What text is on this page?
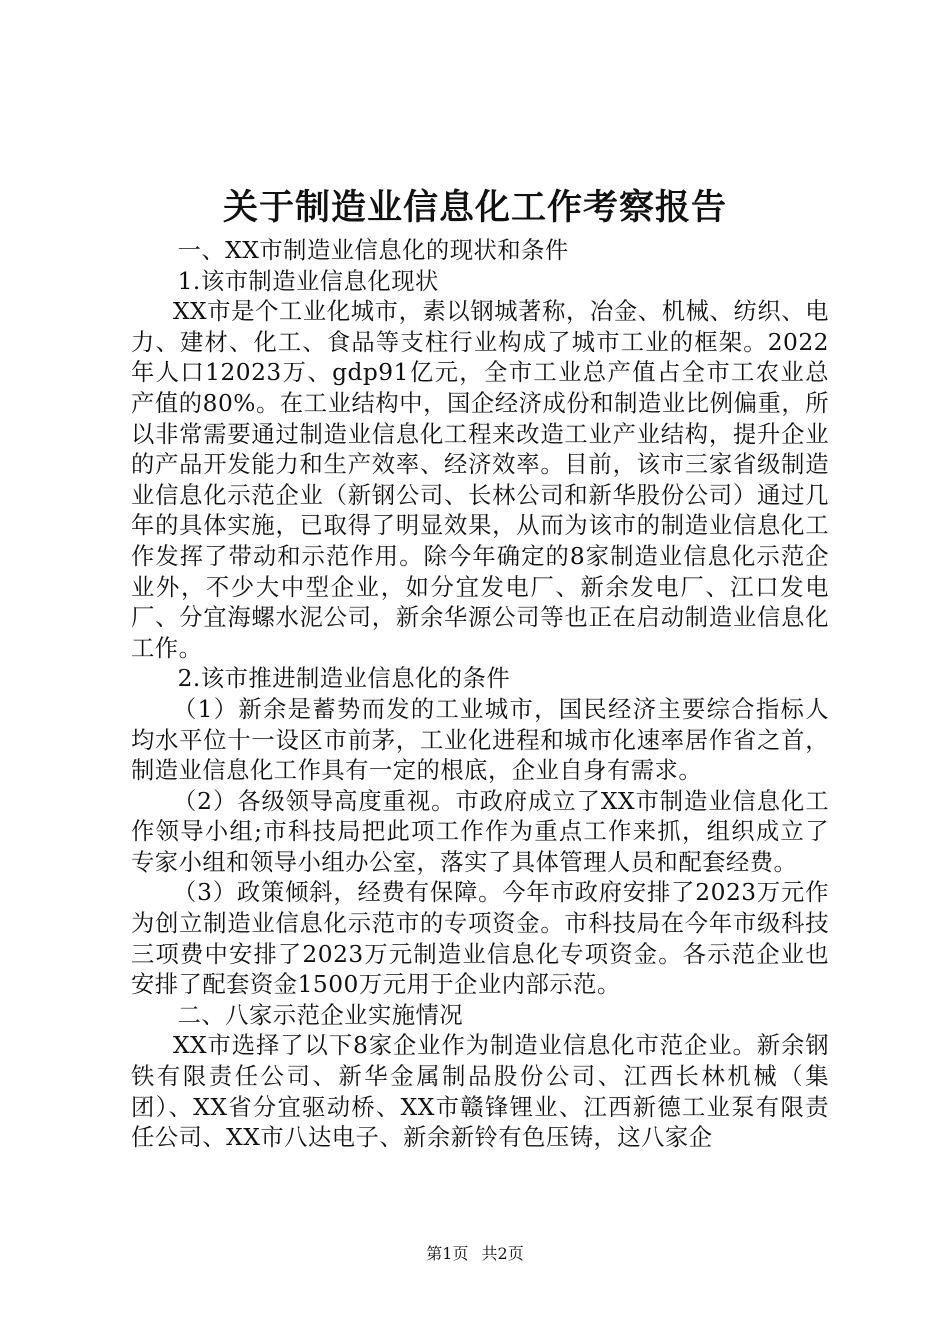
关于制造业信息化工作考察报告

一、XX市制造业信息化的现状和条件

1.该市制造业信息化现状

XX市是个工业化城市，素以钢城著称，冶金、机械、纺织、电力、建材、化工、食品等支柱行业构成了城市工业的框架。2022年人口12023万、gdp91亿元，全市工业总产值占全市工农业总产值的80%。在工业结构中，国企经济成份和制造业比例偏重，所以非常需要通过制造业信息化工程来改造工业产业结构，提升企业的产品开发能力和生产效率、经济效率。目前，该市三家省级制造业信息化示范企业（新钢公司、长林公司和新华股份公司）通过几年的具体实施，已取得了明显效果，从而为该市的制造业信息化工作发挥了带动和示范作用。除今年确定的8家制造业信息化示范企业外，不少大中型企业，如分宜发电厂、新余发电厂、江口发电厂、分宜海螺水泥公司，新余华源公司等也正在启动制造业信息化工作。

2.该市推进制造业信息化的条件

（1）新余是蓄势而发的工业城市，国民经济主要综合指标人均水平位十一设区市前茅，工业化进程和城市化速率居作省之首，制造业信息化工作具有一定的根底，企业自身有需求。

（2）各级领导高度重视。市政府成立了XX市制造业信息化工作领导小组;市科技局把此项工作作为重点工作来抓，组织成立了专家小组和领导小组办公室，落实了具体管理人员和配套经费。

（3）政策倾斜，经费有保障。今年市政府安排了2023万元作为创立制造业信息化示范市的专项资金。市科技局在今年市级科技三项费中安排了2023万元制造业信息化专项资金。各示范企业也安排了配套资金1500万元用于企业内部示范。

二、八家示范企业实施情况

XX市选择了以下8家企业作为制造业信息化市范企业。新余钢铁有限责任公司、新华金属制品股份公司、江西长林机械（集团）、XX省分宜驱动桥、XX市赣锋锂业、江西新德工业泵有限责任公司、XX市八达电子、新余新铃有色压铸，这八家企

第1页 共2页
